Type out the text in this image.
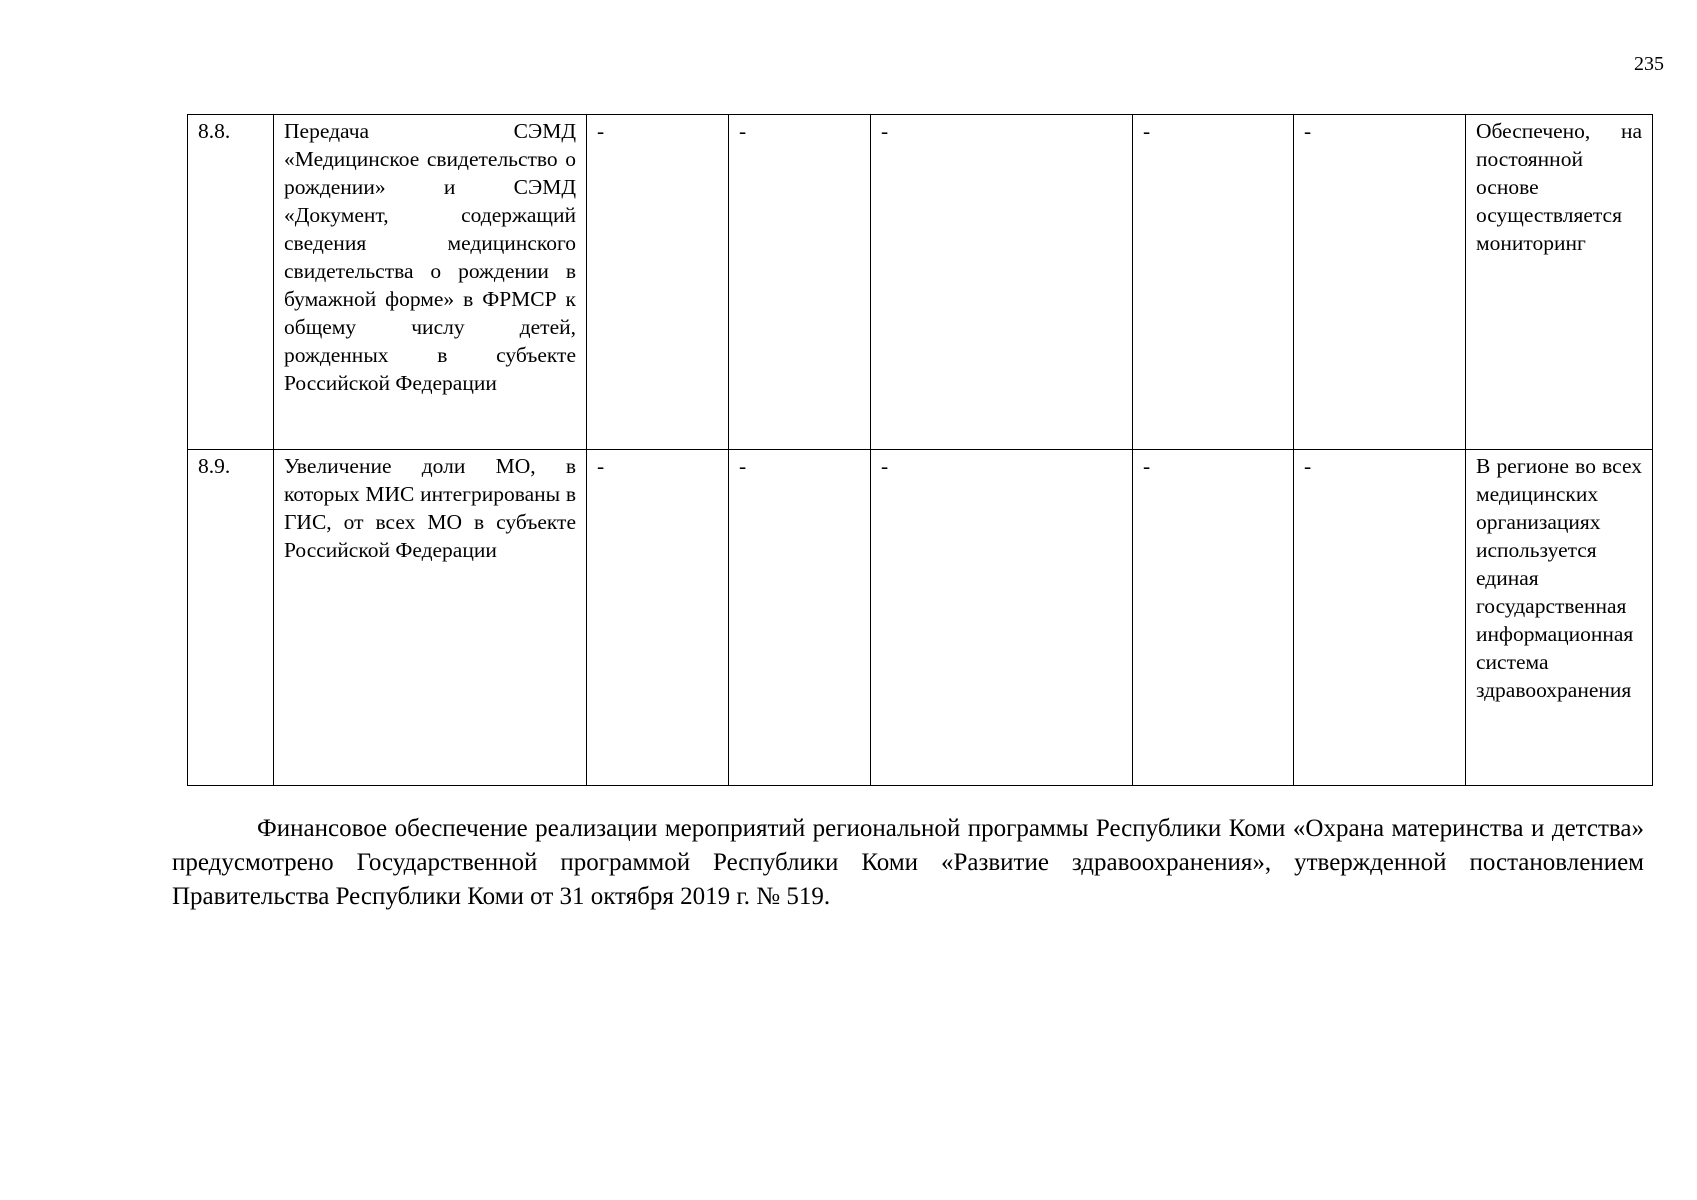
235
8.8.	Передача СЭМД «Медицинское свидетельство о рождении» и СЭМД «Документ, содержащий сведения медицинского свидетельства о рождении в бумажной форме» в ФРМСР к общему числу детей, рожденных в субъекте Российской Федерации	-	-	-	-	-	Обеспечено, на постоянной основе осуществляется мониторинг
8.9.	Увеличение доли МО, в которых МИС интегрированы в ГИС, от всех МО в субъекте Российской Федерации	-	-	-	-	-	В регионе во всех медицинских организациях используется единая государственная информационная система здравоохранения

Финансовое обеспечение реализации мероприятий региональной программы Республики Коми «Охрана материнства и детства» предусмотрено Государственной программой Республики Коми «Развитие здравоохранения», утвержденной постановлением Правительства Республики Коми от 31 октября 2019 г. № 519.
